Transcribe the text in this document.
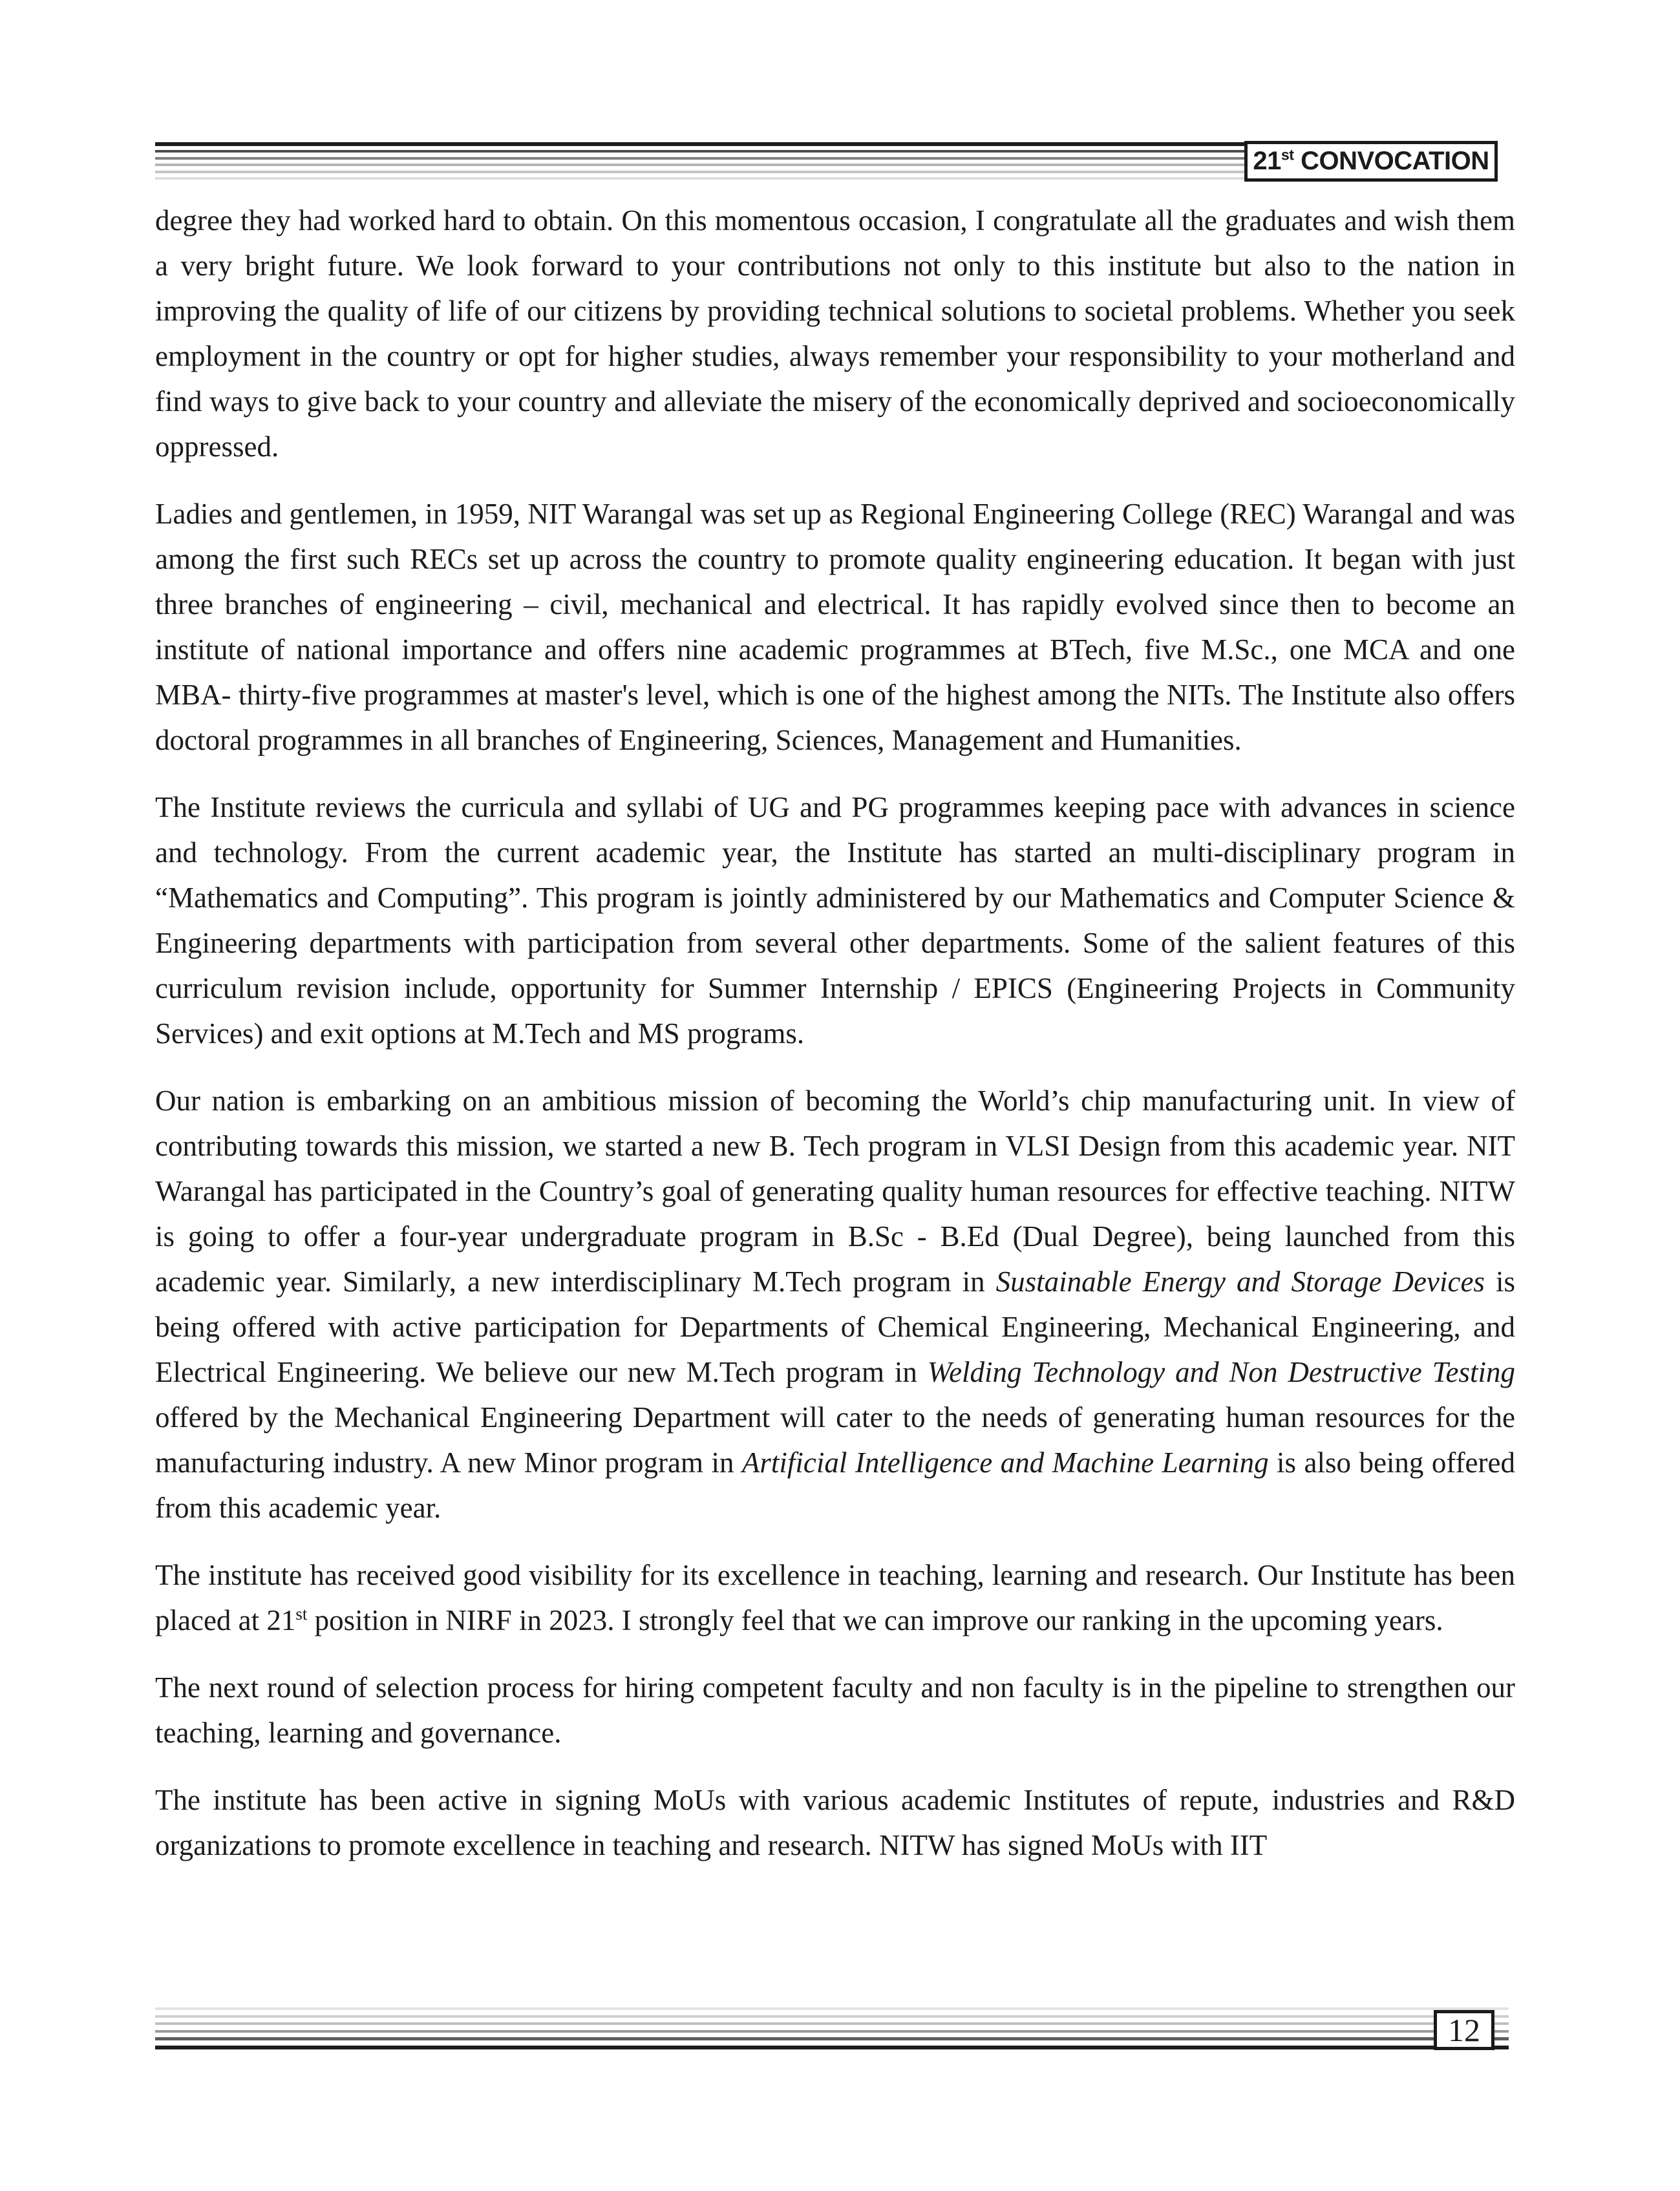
21st CONVOCATION

degree they had worked hard to obtain. On this momentous occasion, I congratulate all the graduates and wish them a very bright future. We look forward to your contributions not only to this institute but also to the nation in improving the quality of life of our citizens by providing technical solutions to societal problems. Whether you seek employment in the country or opt for higher studies, always remember your responsibility to your motherland and find ways to give back to your country and alleviate the misery of the economically deprived and socioeconomically oppressed.

Ladies and gentlemen, in 1959, NIT Warangal was set up as Regional Engineering College (REC) Warangal and was among the first such RECs set up across the country to promote quality engineering education. It began with just three branches of engineering – civil, mechanical and electrical. It has rapidly evolved since then to become an institute of national importance and offers nine academic programmes at BTech, five M.Sc., one MCA and one MBA- thirty-five programmes at master's level, which is one of the highest among the NITs. The Institute also offers doctoral programmes in all branches of Engineering, Sciences, Management and Humanities.

The Institute reviews the curricula and syllabi of UG and PG programmes keeping pace with advances in science and technology. From the current academic year, the Institute has started an multi-disciplinary program in “Mathematics and Computing”. This program is jointly administered by our Mathematics and Computer Science & Engineering departments with participation from several other departments. Some of the salient features of this curriculum revision include, opportunity for Summer Internship / EPICS (Engineering Projects in Community Services) and exit options at M.Tech and MS programs.

Our nation is embarking on an ambitious mission of becoming the World’s chip manufacturing unit. In view of contributing towards this mission, we started a new B. Tech program in VLSI Design from this academic year. NIT Warangal has participated in the Country’s goal of generating quality human resources for effective teaching. NITW is going to offer a four-year undergraduate program in B.Sc - B.Ed (Dual Degree), being launched from this academic year. Similarly, a new interdisciplinary M.Tech program in Sustainable Energy and Storage Devices is being offered with active participation for Departments of Chemical Engineering, Mechanical Engineering, and Electrical Engineering. We believe our new M.Tech program in Welding Technology and Non Destructive Testing offered by the Mechanical Engineering Department will cater to the needs of generating human resources for the manufacturing industry. A new Minor program in Artificial Intelligence and Machine Learning is also being offered from this academic year.

The institute has received good visibility for its excellence in teaching, learning and research. Our Institute has been placed at 21st position in NIRF in 2023. I strongly feel that we can improve our ranking in the upcoming years.

The next round of selection process for hiring competent faculty and non faculty is in the pipeline to strengthen our teaching, learning and governance.

The institute has been active in signing MoUs with various academic Institutes of repute, industries and R&D organizations to promote excellence in teaching and research. NITW has signed MoUs with IIT

12
